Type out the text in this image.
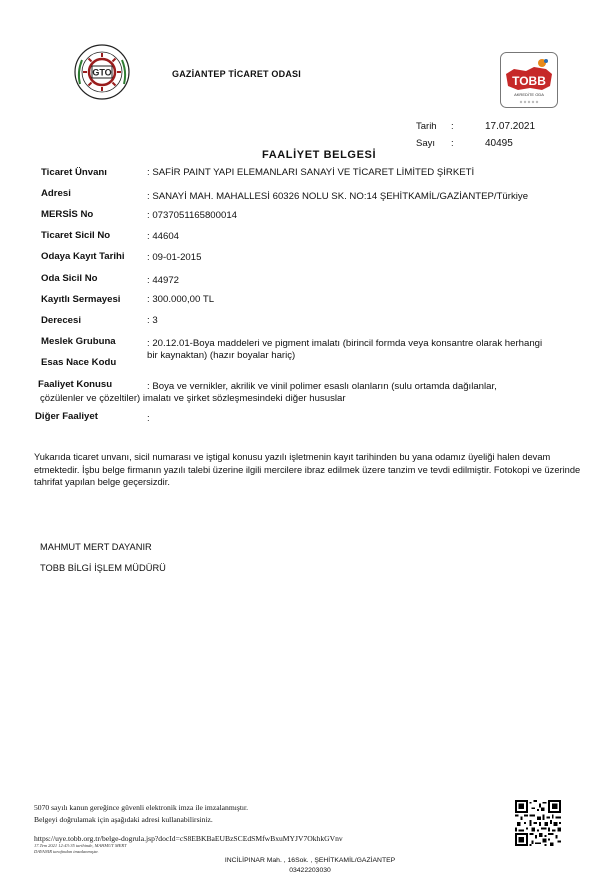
GTO	GAZİANTEP TİCARET ODASI	TOBB
AKREDİTE ODA
Tarih :	17.07.2021
Sayı :	40495
FAALİYET BELGESİ
Ticaret Ünvanı	: SAFİR PAINT YAPI ELEMANLARI SANAYİ VE TİCARET LİMİTED ŞİRKETİ
Adresi	: SANAYİ MAH. MAHALLESİ 60326 NOLU SK. NO:14 ŞEHİTKAMİL/GAZİANTEP/Türkiye
MERSİS No	: 0737051165800014
Ticaret Sicil No	: 44604
Odaya Kayıt Tarihi : 09-01-2015
Oda Sicil No	: 44972
Kayıtlı Sermayesi	: 300.000,00 TL
Derecesi	: 3
Meslek Grubuna	: 20.12.01-Boya maddeleri ve pigment imalatı (birincil formda veya konsantre olarak herhangi
bir kaynaktan) (hazır boyalar hariç)
Esas Nace Kodu
Faaliyet Konusu	: Boya ve vernikler, akrilik ve vinil polimer esaslı olanların (sulu ortamda dağılanlar,
çözülenler ve çözeltiler) imalatı ve şirket sözleşmesindeki diğer hususlar
Diğer Faaliyet	:
Yukarıda ticaret unvanı, sicil numarası ve iştigal konusu yazılı işletmenin kayıt tarihinden bu yana odamız üyeliği halen devam etmektedir. İşbu belge firmanın yazılı talebi üzerine ilgili mercilere ibraz edilmek üzere tanzim ve tevdi edilmiştir. Fotokopi ve üzerinde tahrifat yapılan belge geçersizdir.
MAHMUT MERT DAYANIR
TOBB BİLGİ İŞLEM MÜDÜRÜ
5070 sayılı kanun gereğince güvenli elektronik imza ile imzalanmıştır.
Belgeyi doğrulamak için aşağıdaki adresi kullanabilirsiniz.
https://uye.tobb.org.tr/belge-dogrula.jsp?docId=cS8EBKBaEUBzSCEdSMfwBxuMYJV7OkhkGVnv
17.Tem 2021 12:43:35 tarihinde, MAHMUT MERT
DAYANIR tarafından imzalanmıştır.
INCİLİPINAR Mah. , 16Sok. , ŞEHİTKAMİL/GAZİANTEP
03422203030
